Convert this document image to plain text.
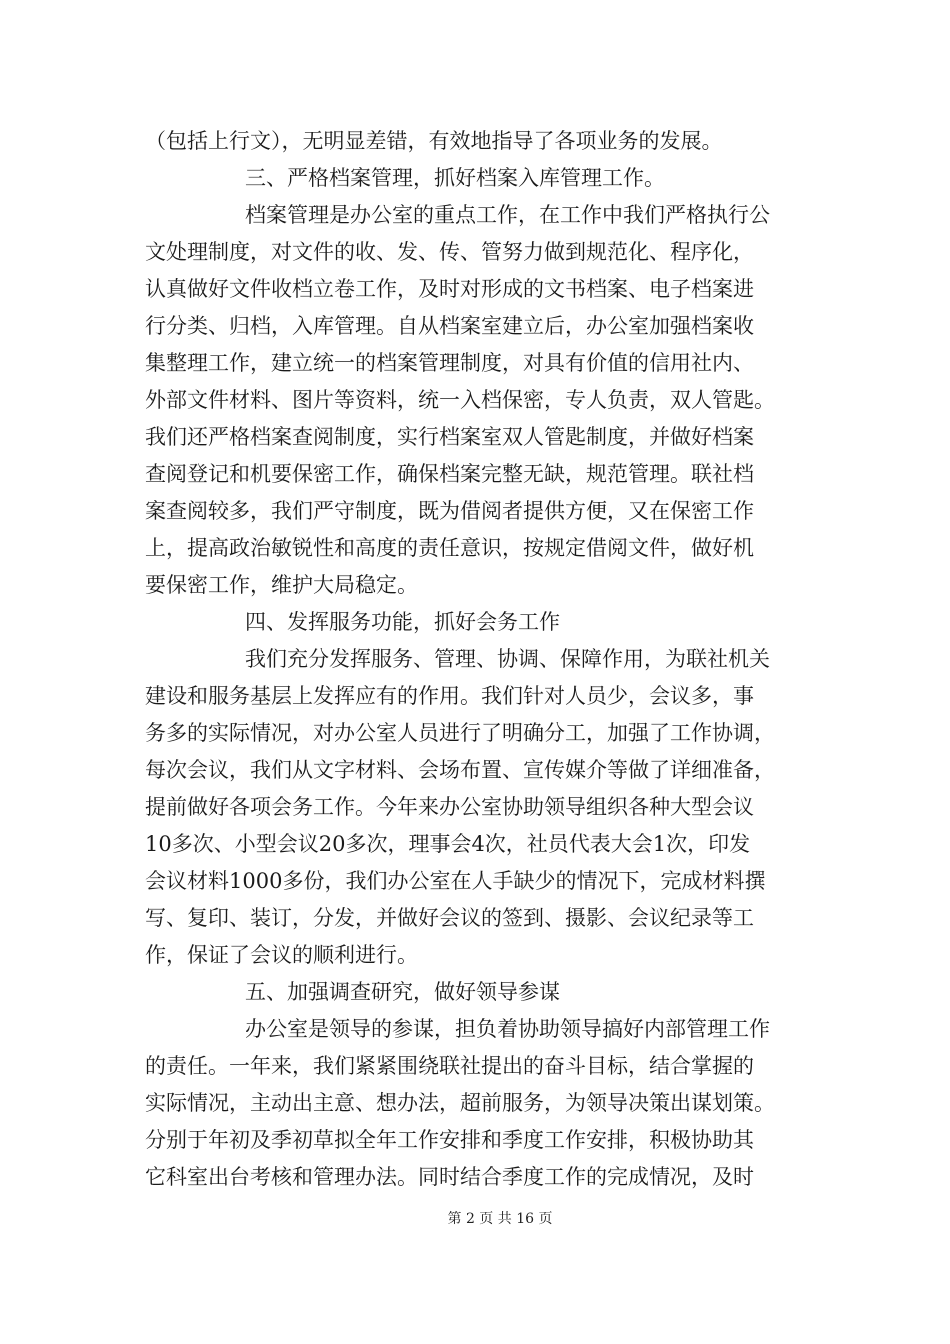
（包括上行文），无明显差错，有效地指导了各项业务的发展。
三、严格档案管理，抓好档案入库管理工作。
档案管理是办公室的重点工作，在工作中我们严格执行公
文处理制度，对文件的收、发、传、管努力做到规范化、程序化，
认真做好文件收档立卷工作，及时对形成的文书档案、电子档案进
行分类、归档，入库管理。自从档案室建立后，办公室加强档案收
集整理工作，建立统一的档案管理制度，对具有价值的信用社内、
外部文件材料、图片等资料，统一入档保密，专人负责，双人管匙。
我们还严格档案查阅制度，实行档案室双人管匙制度，并做好档案
查阅登记和机要保密工作，确保档案完整无缺，规范管理。联社档
案查阅较多，我们严守制度，既为借阅者提供方便，又在保密工作
上，提高政治敏锐性和高度的责任意识，按规定借阅文件，做好机
要保密工作，维护大局稳定。
四、发挥服务功能，抓好会务工作
我们充分发挥服务、管理、协调、保障作用，为联社机关
建设和服务基层上发挥应有的作用。我们针对人员少，会议多，事
务多的实际情况，对办公室人员进行了明确分工，加强了工作协调，
每次会议，我们从文字材料、会场布置、宣传媒介等做了详细准备，
提前做好各项会务工作。今年来办公室协助领导组织各种大型会议
10多次、小型会议20多次，理事会4次，社员代表大会1次，印发
会议材料1000多份，我们办公室在人手缺少的情况下，完成材料撰
写、复印、装订，分发，并做好会议的签到、摄影、会议纪录等工
作，保证了会议的顺利进行。
五、加强调查研究，做好领导参谋
办公室是领导的参谋，担负着协助领导搞好内部管理工作
的责任。一年来，我们紧紧围绕联社提出的奋斗目标，结合掌握的
实际情况，主动出主意、想办法，超前服务，为领导决策出谋划策。
分别于年初及季初草拟全年工作安排和季度工作安排，积极协助其
它科室出台考核和管理办法。同时结合季度工作的完成情况，及时
第 2 页 共 16 页
